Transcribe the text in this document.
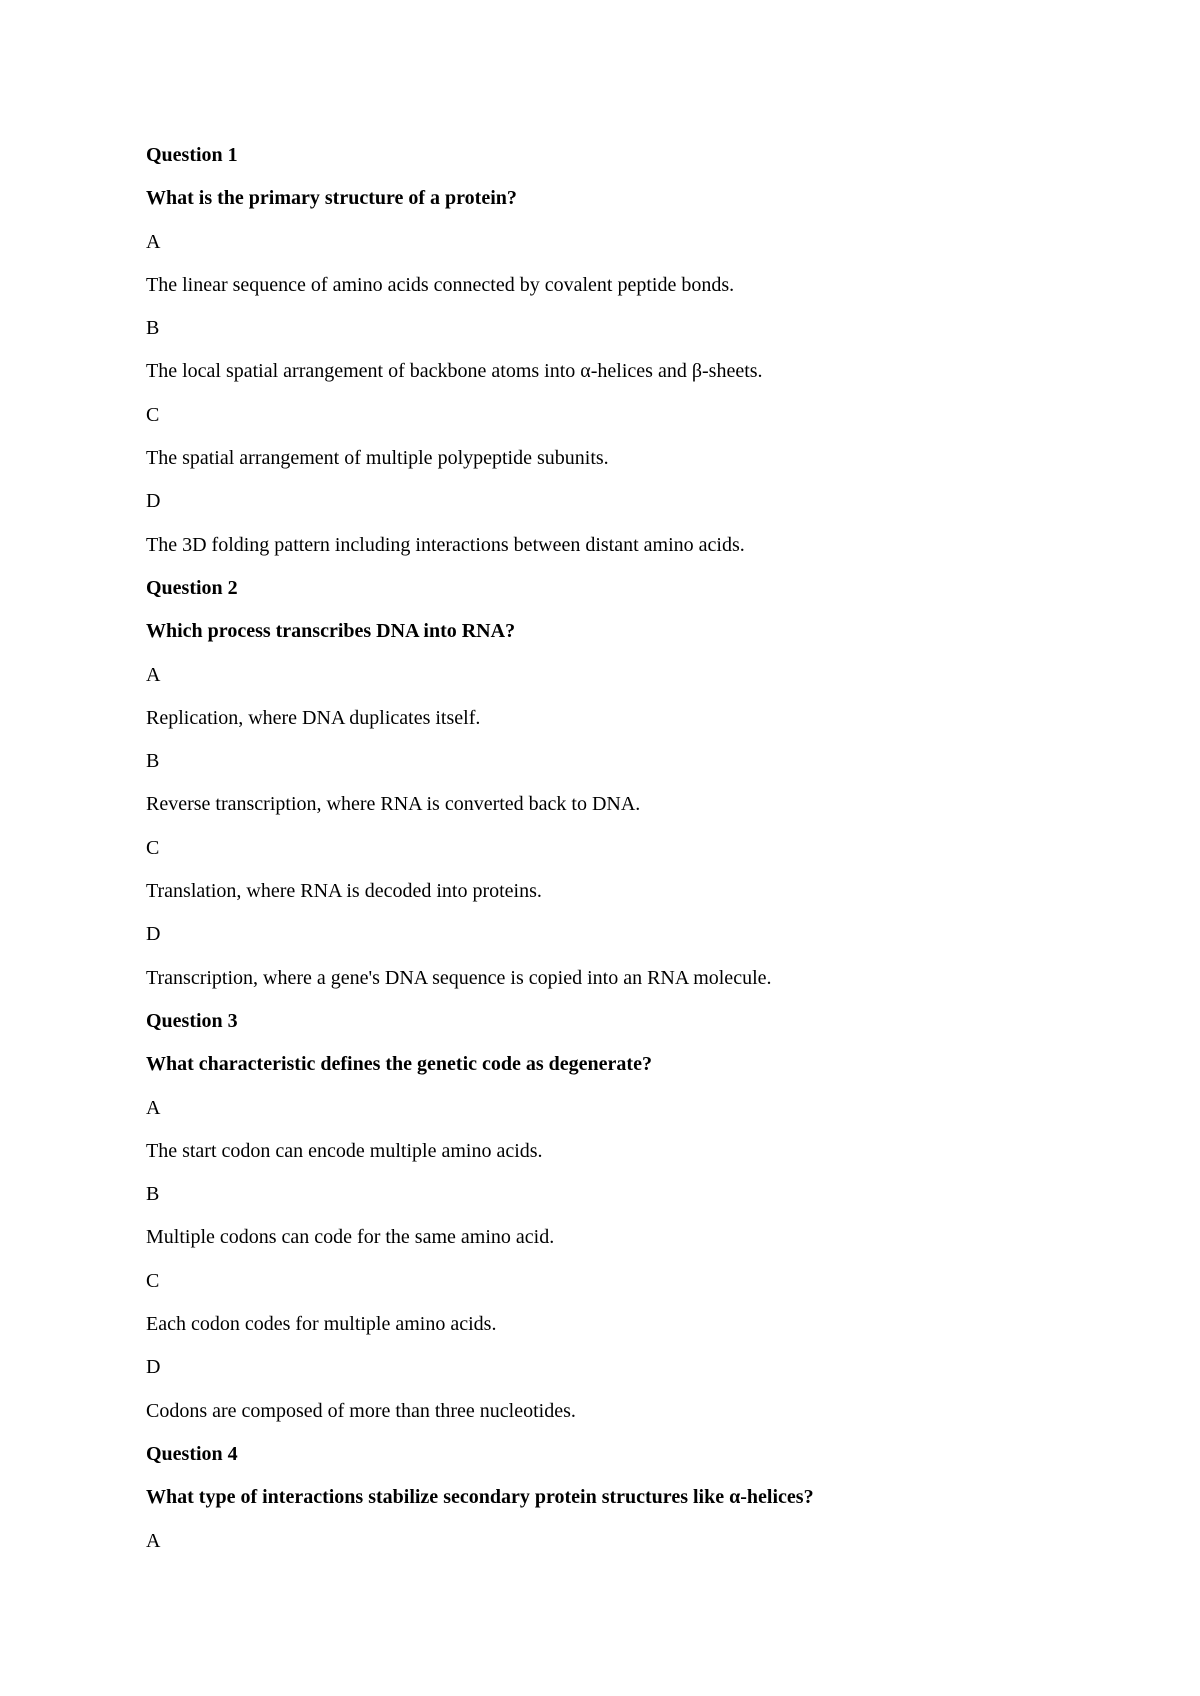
Question 1
What is the primary structure of a protein?
A
The linear sequence of amino acids connected by covalent peptide bonds.
B
The local spatial arrangement of backbone atoms into α-helices and β-sheets.
C
The spatial arrangement of multiple polypeptide subunits.
D
The 3D folding pattern including interactions between distant amino acids.
Question 2
Which process transcribes DNA into RNA?
A
Replication, where DNA duplicates itself.
B
Reverse transcription, where RNA is converted back to DNA.
C
Translation, where RNA is decoded into proteins.
D
Transcription, where a gene's DNA sequence is copied into an RNA molecule.
Question 3
What characteristic defines the genetic code as degenerate?
A
The start codon can encode multiple amino acids.
B
Multiple codons can code for the same amino acid.
C
Each codon codes for multiple amino acids.
D
Codons are composed of more than three nucleotides.
Question 4
What type of interactions stabilize secondary protein structures like α-helices?
A
